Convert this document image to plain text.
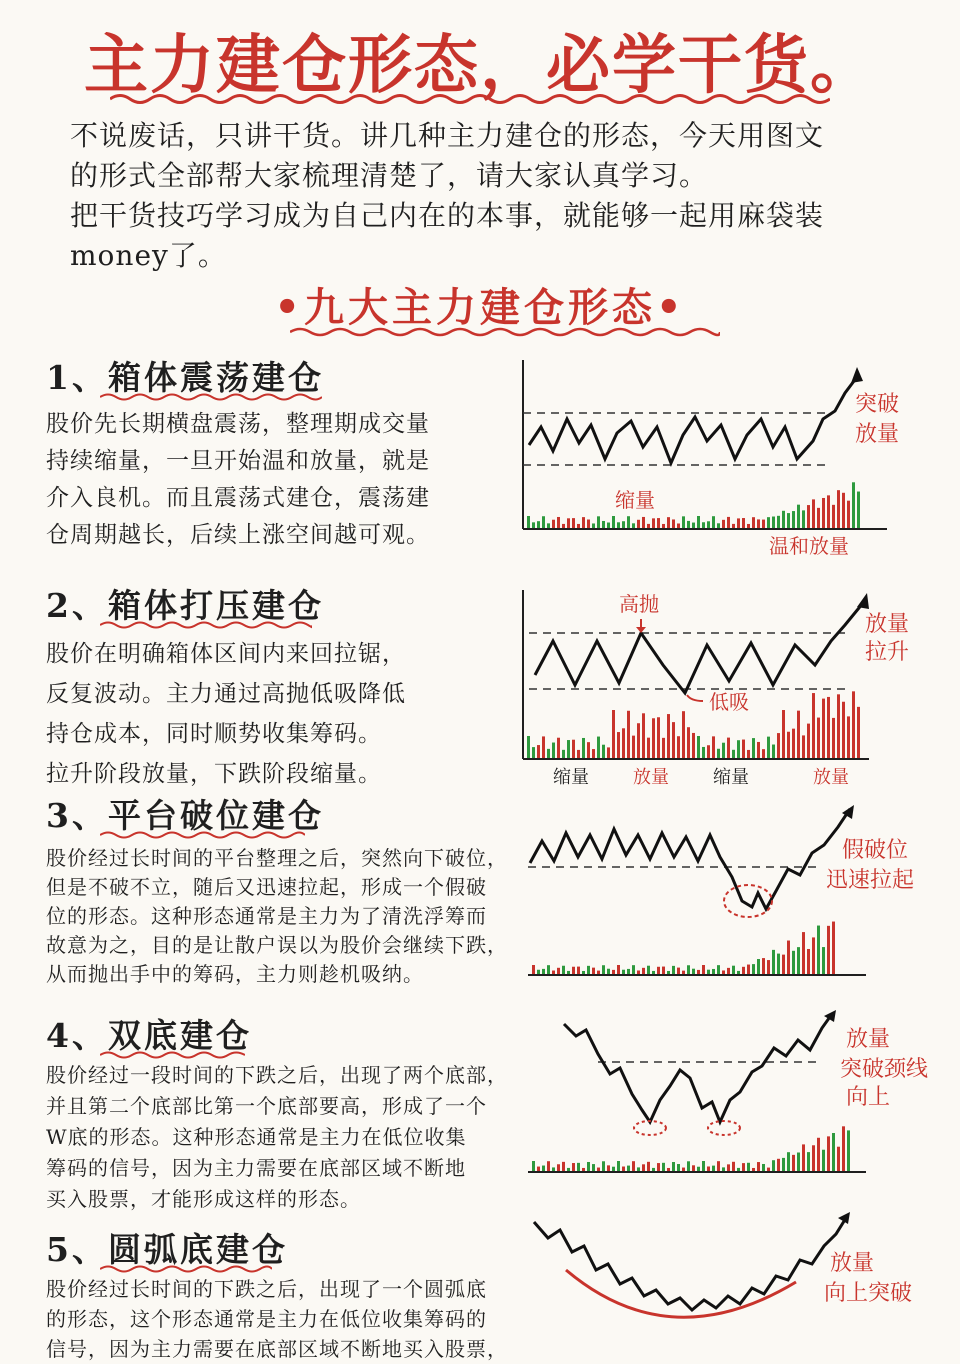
主力建仓形态，必学干货。

不说废话，只讲干货。讲几种主力建仓的形态，今天用图文

的形式全部帮大家梳理清楚了，请大家认真学习。

把干货技巧学习成为自己内在的本事，就能够一起用麻袋装

money了。

•九大主力建仓形态•
1、箱体震荡建仓

股价先长期横盘震荡，整理期成交量

持续缩量，一旦开始温和放量，就是

介入良机。而且震荡式建仓，震荡建

仓周期越长，后续上涨空间越可观。

突破
放量
缩量
温和放量
2、箱体打压建仓

股价在明确箱体区间内来回拉锯，

反复波动。主力通过高抛低吸降低

持仓成本，同时顺势收集筹码。

拉升阶段放量，下跌阶段缩量。

高抛
放量
拉升
低吸
缩量 放量 缩量	放量
3、平台破位建仓

股价经过长时间的平台整理之后，突然向下破位，

但是不破不立，随后又迅速拉起，形成一个假破

位的形态。这种形态通常是主力为了清洗浮筹而

故意为之，目的是让散户误以为股价会继续下跌，

从而抛出手中的筹码，主力则趁机吸纳。

假破位
迅速拉起
4、双底建仓

股价经过一段时间的下跌之后，出现了两个底部，

并且第二个底部比第一个底部要高，形成了一个

W底的形态。这种形态通常是主力在低位收集

筹码的信号，因为主力需要在底部区域不断地

买入股票，才能形成这样的形态。

放量
突破颈线
向上
5、圆弧底建仓

股价经过长时间的下跌之后，出现了一个圆弧底

的形态，这个形态通常是主力在低位收集筹码的

信号，因为主力需要在底部区域不断地买入股票，

放量
向上突破
